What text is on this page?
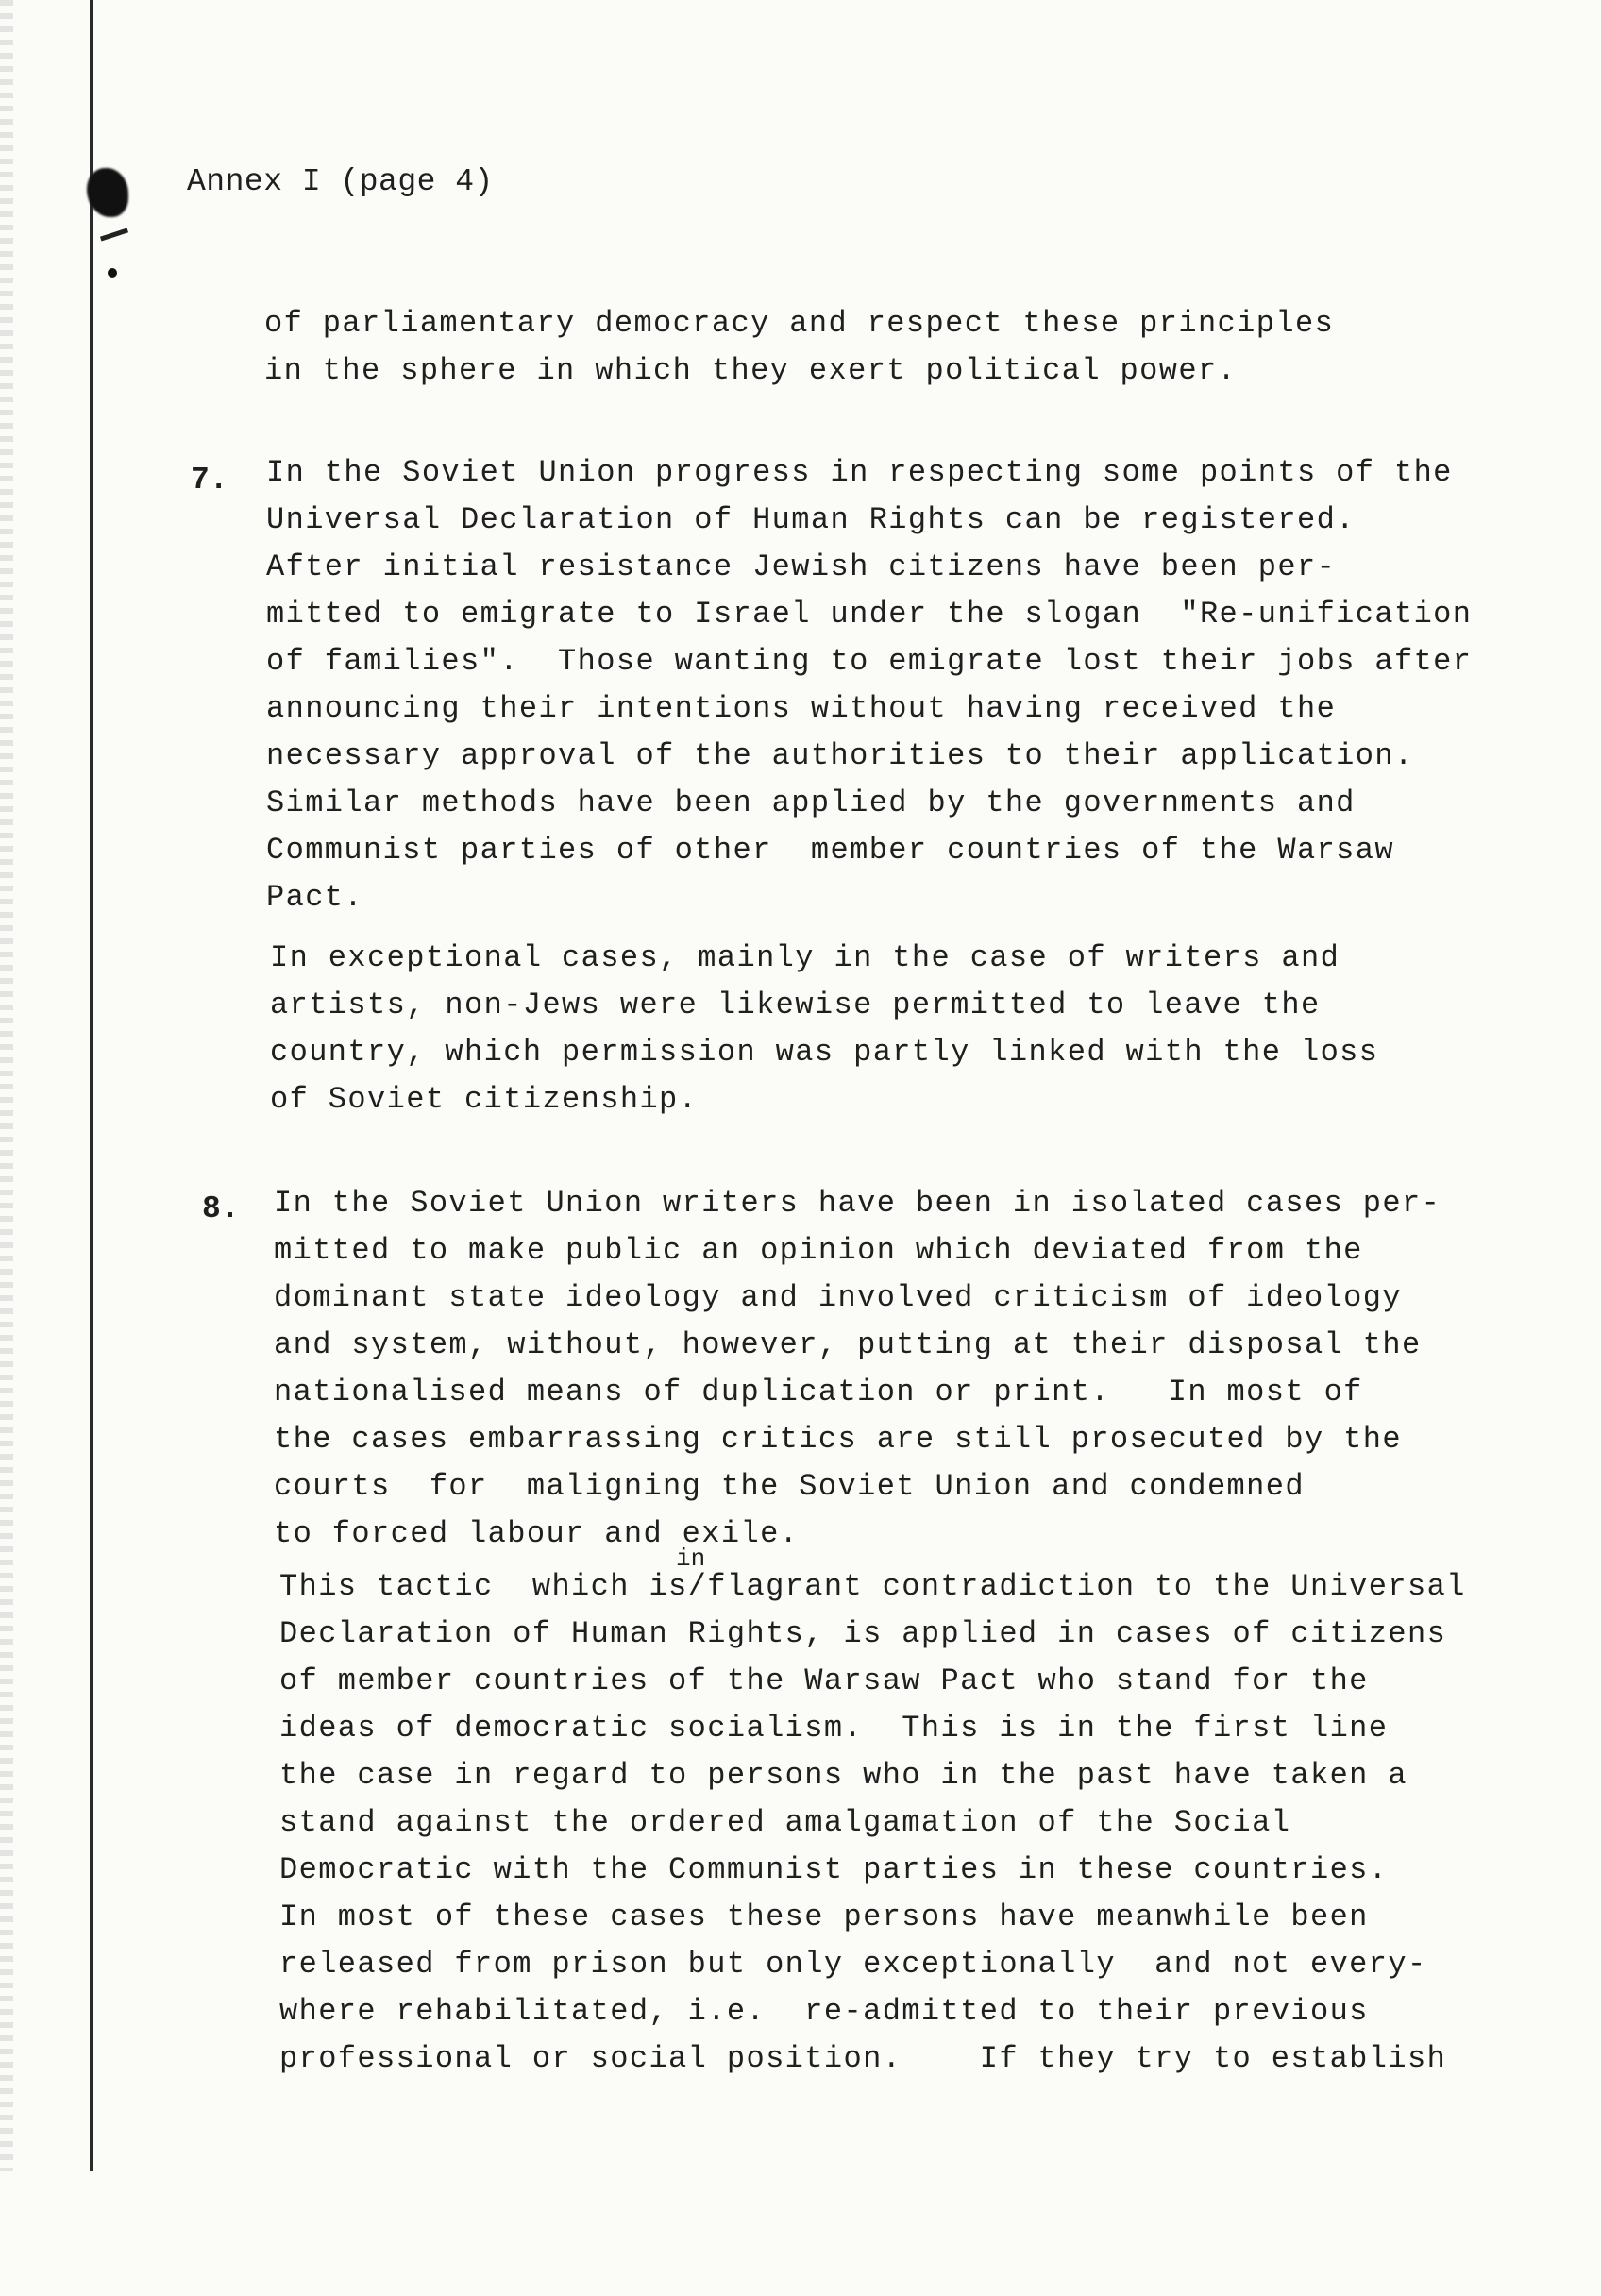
Annex I (page 4)
of parliamentary democracy and respect these principles
in the sphere in which they exert political power.
7. In the Soviet Union progress in respecting some points of the
Universal Declaration of Human Rights can be registered.
After initial resistance Jewish citizens have been per-
mitted to emigrate to Israel under the slogan  "Re-unification
of families".  Those wanting to emigrate lost their jobs after
announcing their intentions without having received the
necessary approval of the authorities to their application.
Similar methods have been applied by the governments and
Communist parties of other  member countries of the Warsaw
Pact.
In exceptional cases, mainly in the case of writers and
artists, non-Jews were likewise permitted to leave the
country, which permission was partly linked with the loss
of Soviet citizenship.
8. In the Soviet Union writers have been in isolated cases per-
mitted to make public an opinion which deviated from the
dominant state ideology and involved criticism of ideology
and system, without, however, putting at their disposal the
nationalised means of duplication or print.   In most of
the cases embarrassing critics are still prosecuted by the
courts  for  maligning the Soviet Union and condemned
to forced labour and exile.
in
This tactic  which is/flagrant contradiction to the Universal
Declaration of Human Rights, is applied in cases of citizens
of member countries of the Warsaw Pact who stand for the
ideas of democratic socialism.  This is in the first line
the case in regard to persons who in the past have taken a
stand against the ordered amalgamation of the Social
Democratic with the Communist parties in these countries.
In most of these cases these persons have meanwhile been
released from prison but only exceptionally  and not every-
where rehabilitated, i.e.  re-admitted to their previous
professional or social position.    If they try to establish
